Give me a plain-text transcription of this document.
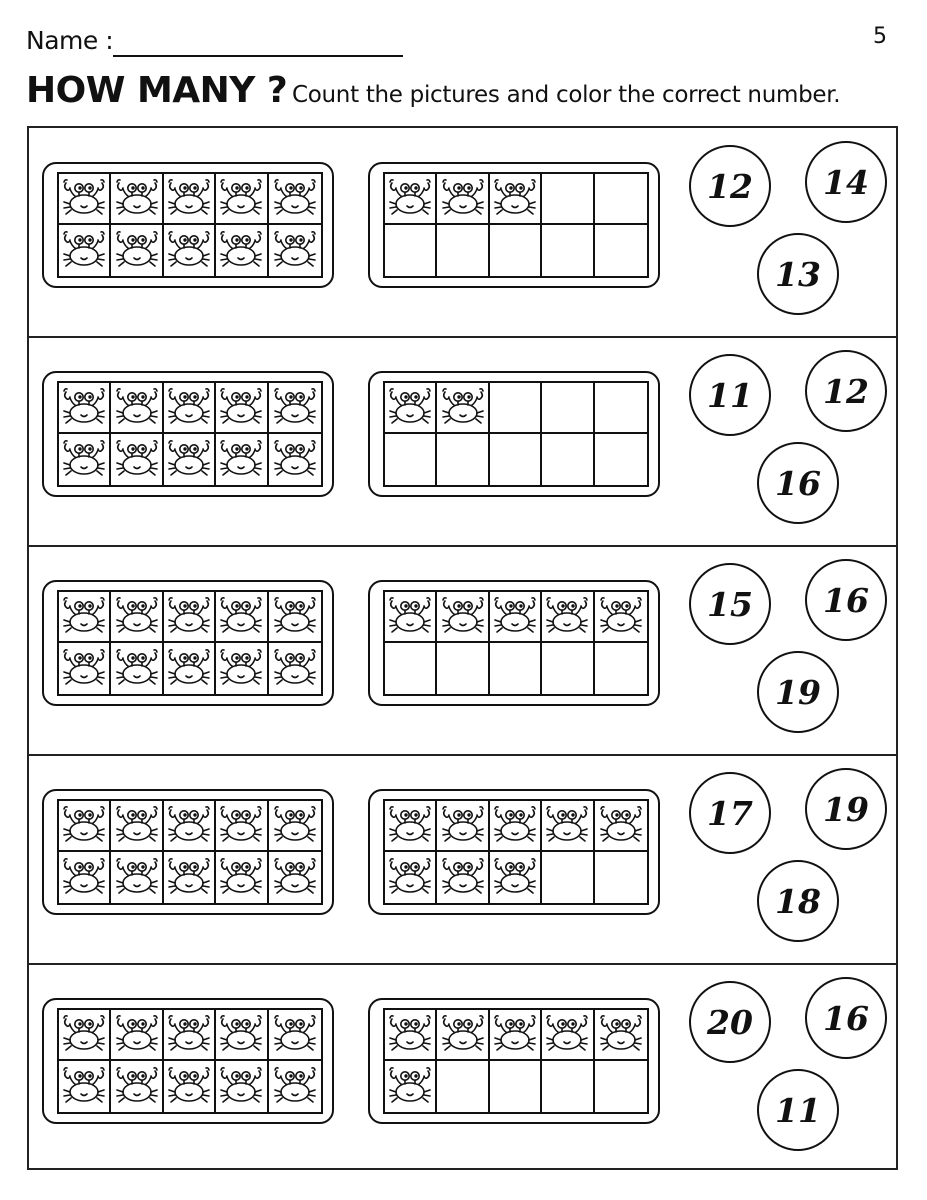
Name :	5
HOW MANY ? Count the pictures and color the correct number.
12	14
13
11	12
16
15	16
19
17	19
18
20	16
11
